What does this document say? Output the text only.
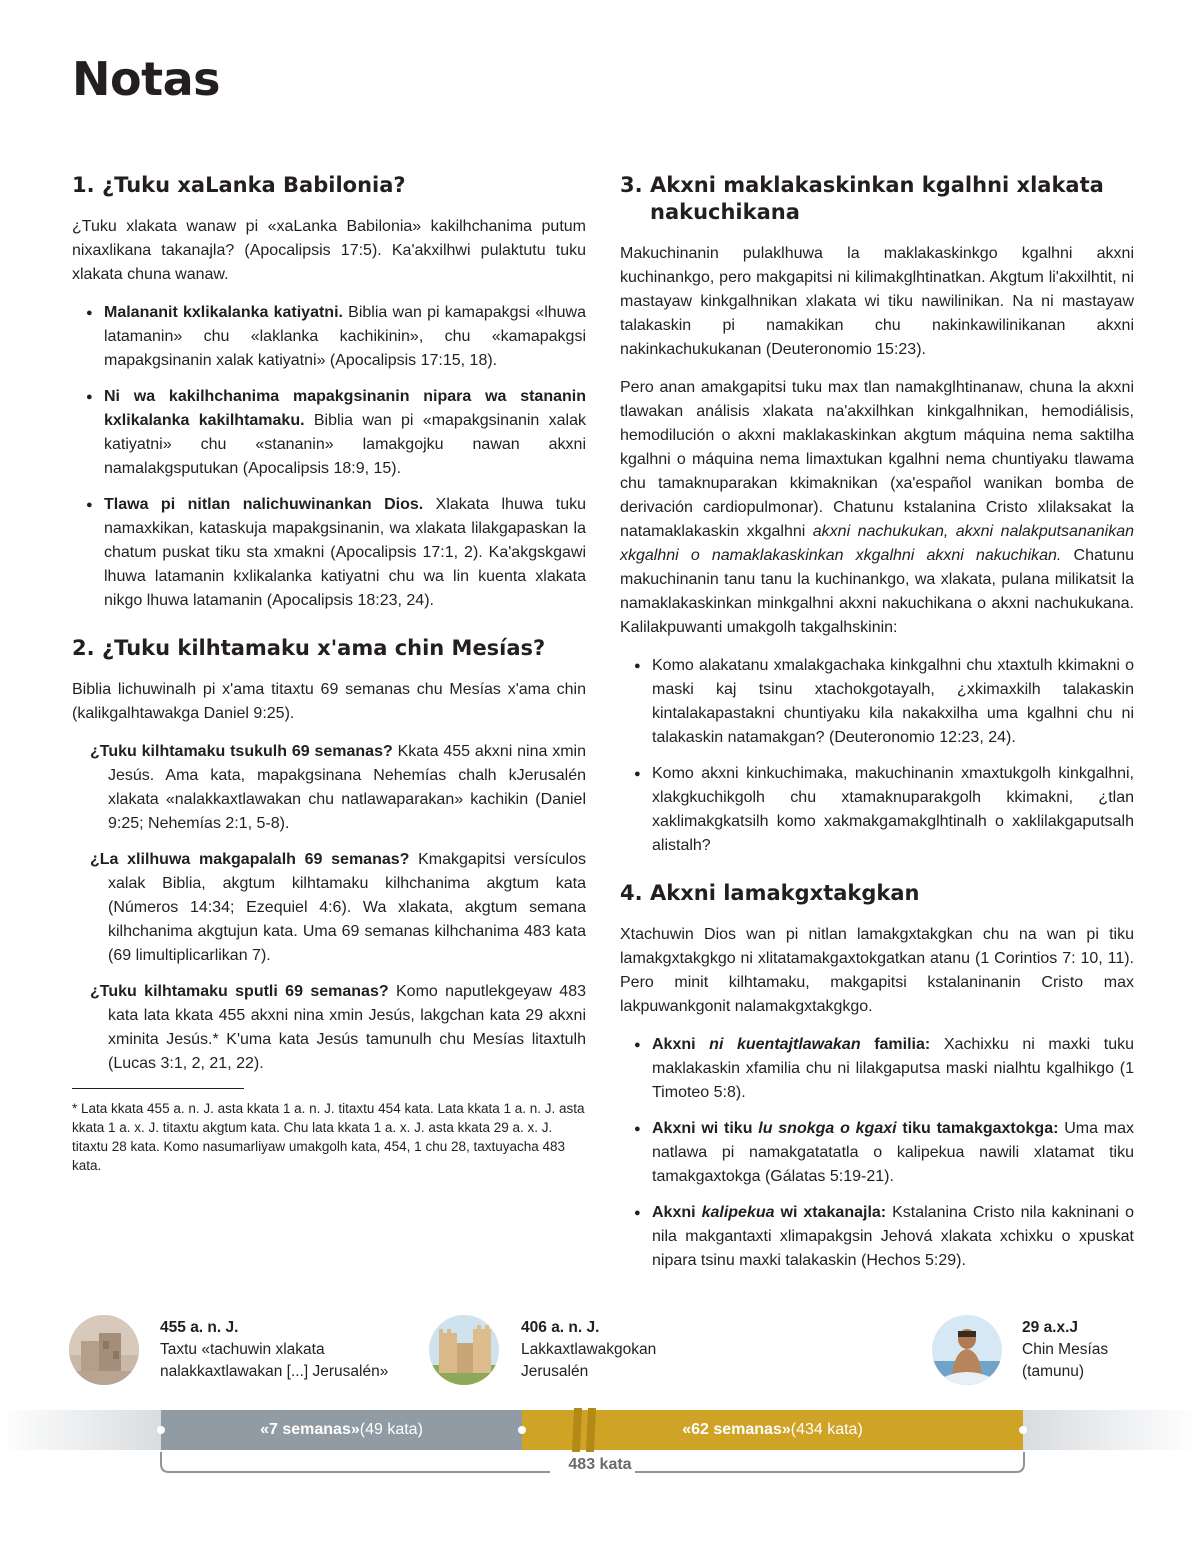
Notas
1. ¿Tuku xaLanka Babilonia?

¿Tuku xlakata wanaw pi «xaLanka Babilonia» kakilhchanima putum nixaxlikana takanajla? (Apocalipsis 17:5). Ka'akxilhwi pulaktutu tuku xlakata chuna wanaw.

● Malananit kxlikalanka katiyatni. Biblia wan pi kamapakgsi «lhuwa latamanin» chu «laklanka kachikinin», chu «kamapakgsi mapakgsinanin xalak katiyatni» (Apocalipsis 17:15, 18).
● Ni wa kakilhchanima mapakgsinanin nipara wa stananin kxlikalanka kakilhtamaku. Biblia wan pi «mapakgsinanin xalak katiyatni» chu «stananin» lamakgojku nawan akxni namalakgsputukan (Apocalipsis 18:9, 15).
● Tlawa pi nitlan nalichuwinankan Dios. Xlakata lhuwa tuku namaxkikan, kataskuja mapakgsinanin, wa xlakata lilakgapaskan la chatum puskat tiku sta xmakni (Apocalipsis 17:1, 2). Ka'akgskgawi lhuwa latamanin kxlikalanka katiyatni chu wa lin kuenta xlakata nikgo lhuwa latamanin (Apocalipsis 18:23, 24).
2. ¿Tuku kilhtamaku x'ama chin Mesías?

Biblia lichuwinalh pi x'ama titaxtu 69 semanas chu Mesías x'ama chin (kalikgalhtawakga Daniel 9:25).

¿Tuku kilhtamaku tsukulh 69 semanas? Kkata 455 akxni nina xmin Jesús. Ama kata, mapakgsinana Nehemías chalh kJerusalén xlakata «nalakkaxtlawakan chu natlawaparakan» kachikin (Daniel 9:25; Nehemías 2:1, 5-8).
¿La xlilhuwa makgapalalh 69 semanas? Kmakgapitsi versículos xalak Biblia, akgtum kilhtamaku kilhchanima akgtum kata (Números 14:34; Ezequiel 4:6). Wa xlakata, akgtum semana kilhchanima akgtujun kata. Uma 69 semanas kilhchanima 483 kata (69 limultiplicarlikan 7).
¿Tuku kilhtamaku sputli 69 semanas? Komo naputlekgeyaw 483 kata lata kkata 455 akxni nina xmin Jesús, lakgchan kata 29 akxni xminita Jesús.* K'uma kata Jesús tamunulh chu Mesías litaxtulh (Lucas 3:1, 2, 21, 22).

* Lata kkata 455 a. n. J. asta kkata 1 a. n. J. titaxtu 454 kata. Lata kkata 1 a. n. J. asta kkata 1 a. x. J. titaxtu akgtum kata. Chu lata kkata 1 a. x. J. asta kkata 29 a. x. J. titaxtu 28 kata. Komo nasumarliyaw umakgolh kata, 454, 1 chu 28, taxtuyacha 483 kata.

3. Akxni maklakaskinkan kgalhni xlakata nakuchikana

Makuchinanin pulaklhuwa la maklakaskinkgo kgalhni akxni kuchinankgo, pero makgapitsi ni kilimakglhtinatkan. Akgtum li'akxilhtit, ni mastayaw kinkgalhnikan xlakata wi tiku nawilinikan. Na ni mastayaw talakaskin pi namakikan chu nakinkawilinikanan akxni nakinkachukukanan (Deuteronomio 15:23).

Pero anan amakgapitsi tuku max tlan namakglhtinanaw, chuna la akxni tlawakan análisis xlakata na'akxilhkan kinkgalhnikan, hemodiálisis, hemodilución o akxni maklakaskinkan akgtum máquina nema saktilha kgalhni o máquina nema limaxtukan kgalhni nema chuntiyaku tlawama chu tamaknuparakan kkimaknikan (xa'español wanikan bomba de derivación cardiopulmonar). Chatunu kstalanina Cristo xlilaksakat la natamaklakaskin xkgalhni akxni nachukukan, akxni nalakputsananikan xkgalhni o namaklakaskinkan xkgalhni akxni nakuchikan. Chatunu makuchinanin tanu tanu la kuchinankgo, wa xlakata, pulana milikatsit la namaklakaskinkan minkgalhni akxni nakuchikana o akxni nachukukana. Kalilakpuwanti umakgolh takgalhskinin:

● Komo alakatanu xmalakgachaka kinkgalhni chu xtaxtulh kkimakni o maski kaj tsinu xtachokgotayalh, ¿xkimaxkilh talakaskin kintalakapastakni chuntiyaku kila nakakxilha uma kgalhni chu ni talakaskin natamakgan? (Deuteronomio 12:23, 24).
● Komo akxni kinkuchimaka, makuchinanin xmaxtukgolh kinkgalhni, xlakgkuchikgolh chu xtamaknuparakgolh kkimakni, ¿tlan xaklimakgkatsilh komo xakmakgamakglhtinalh o xaklilakgaputsalh alistalh?
4. Akxni lamakgxtakgkan

Xtachuwin Dios wan pi nitlan lamakgxtakgkan chu na wan pi tiku lamakgxtakgkgo ni xlitatamakgaxtokgatkan atanu (1 Corintios 7: 10, 11). Pero minit kilhtamaku, makgapitsi kstalaninanin Cristo max lakpuwankgonit nalamakgxtakgkgo.

● Akxni ni kuentajtlawakan familia: Xachixku ni maxki tuku maklakaskin xfamilia chu ni lilakgaputsa maski nialhtu kgalhikgo (1 Timoteo 5:8).
● Akxni wi tiku lu snokga o kgaxi tiku tamakgaxtokga: Uma max natlawa pi namakgatatatla o kalipekua nawili xlatamat tiku tamakgaxtokga (Gálatas 5:19-21).
● Akxni kalipekua wi xtakanajla: Kstalanina Cristo nila kakninani o nila makgantaxti xlimapakgsin Jehová xlakata xchixku o xpuskat nipara tsinu maxki talakaskin (Hechos 5:29).
455 a. n. J.
Taxtu «tachuwin xlakata
nalakkaxtlawakan [...] Jerusalén»
406 a. n. J.
Lakkaxtlawakgokan
Jerusalén
29 a.x.J
Chin Mesías
(tamunu)
«7 semanas» (49 kata)	«62 semanas» (434 kata)
483 kata
